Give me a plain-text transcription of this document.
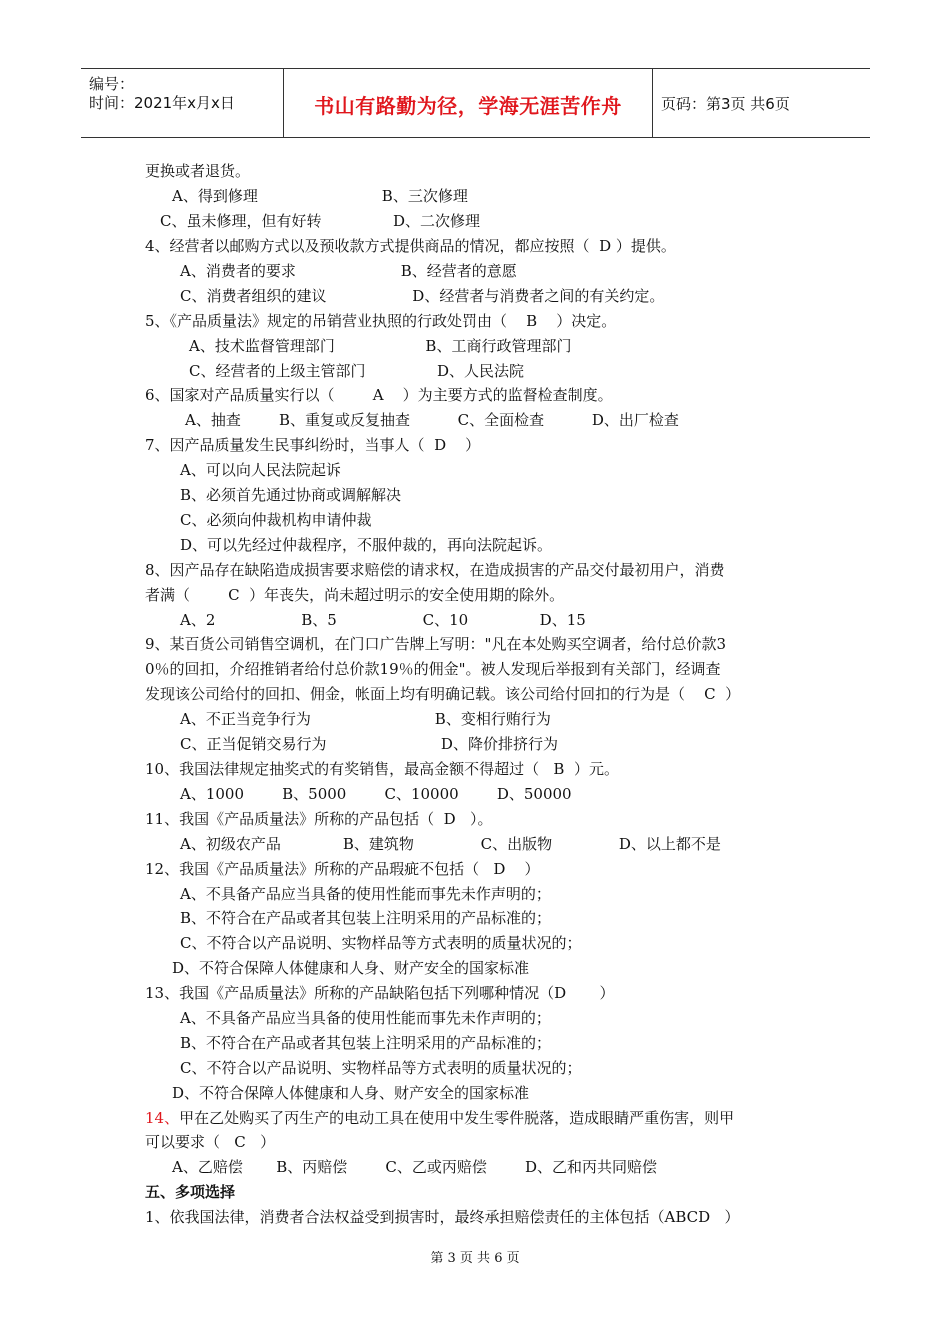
编号：
时间：2021年x月x日	书山有路勤为径，学海无涯苦作舟	页码：第3页 共6页
更换或者退货。
A、得到修理                          B、三次修理
C、虽未修理，但有好转               D、二次修理
4、经营者以邮购方式以及预收款方式提供商品的情况，都应按照（  D ）提供。
A、消费者的要求                      B、经营者的意愿
C、消费者组织的建议                  D、经营者与消费者之间的有关约定。
5、《产品质量法》规定的吊销营业执照的行政处罚由（    B    ）决定。
A、技术监督管理部门                   B、工商行政管理部门
C、经营者的上级主管部门               D、人民法院
6、国家对产品质量实行以（        A    ）为主要方式的监督检查制度。
A、抽查        B、重复或反复抽查          C、全面检查          D、出厂检查
7、因产品质量发生民事纠纷时，当事人（  D    ）
A、可以向人民法院起诉
B、必须首先通过协商或调解解决
C、必须向仲裁机构申请仲裁
D、可以先经过仲裁程序，不服仲裁的，再向法院起诉。
8、因产品存在缺陷造成损害要求赔偿的请求权，在造成损害的产品交付最初用户，消费
者满（        C  ）年丧失，尚未超过明示的安全使用期的除外。
A、2                  B、5                  C、10               D、15
9、某百货公司销售空调机，在门口广告牌上写明："凡在本处购买空调者，给付总价款3
0％的回扣，介绍推销者给付总价款19％的佣金"。被人发现后举报到有关部门，经调查
发现该公司给付的回扣、佣金，帐面上均有明确记载。该公司给付回扣的行为是（    C  ）
A、不正当竞争行为                          B、变相行贿行为
C、正当促销交易行为                        D、降价排挤行为
10、我国法律规定抽奖式的有奖销售，最高金额不得超过（   B  ）元。
A、1000        B、5000        C、10000        D、50000
11、我国《产品质量法》所称的产品包括（  D   ）。
A、初级农产品             B、建筑物              C、出版物              D、以上都不是
12、我国《产品质量法》所称的产品瑕疵不包括（   D    ）
A、不具备产品应当具备的使用性能而事先未作声明的；
B、不符合在产品或者其包装上注明采用的产品标准的；
C、不符合以产品说明、实物样品等方式表明的质量状况的；
D、不符合保障人体健康和人身、财产安全的国家标准
13、我国《产品质量法》所称的产品缺陷包括下列哪种情况（D       ）
A、不具备产品应当具备的使用性能而事先未作声明的；
B、不符合在产品或者其包装上注明采用的产品标准的；
C、不符合以产品说明、实物样品等方式表明的质量状况的；
D、不符合保障人体健康和人身、财产安全的国家标准
14、甲在乙处购买了丙生产的电动工具在使用中发生零件脱落，造成眼睛严重伤害，则甲
可以要求（   C   ）
A、乙赔偿       B、丙赔偿        C、乙或丙赔偿        D、乙和丙共同赔偿
五、多项选择
1、依我国法律，消费者合法权益受到损害时，最终承担赔偿责任的主体包括（ABCD   ）
第 3 页 共 6 页
